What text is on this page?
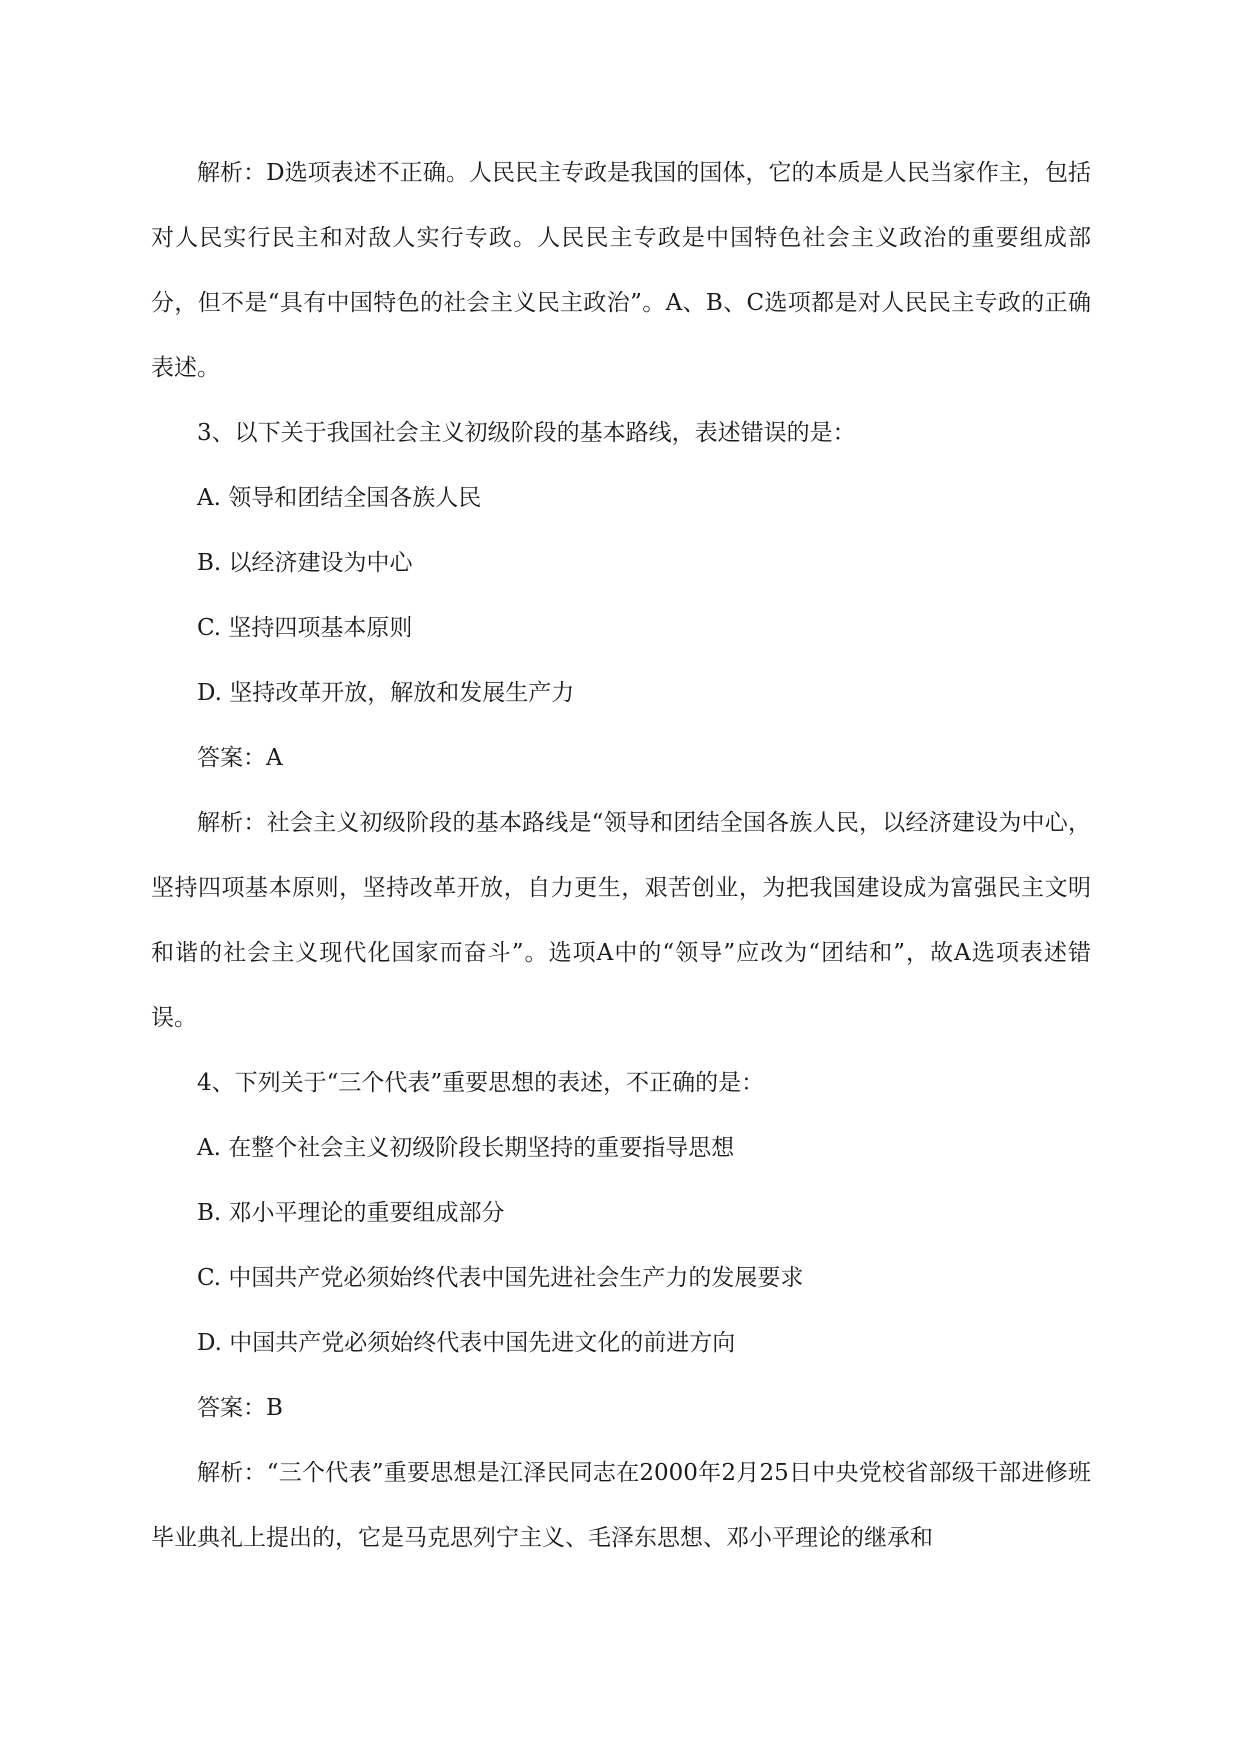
解析：D选项表述不正确。人民民主专政是我国的国体，它的本质是人民当家作主，包括对人民实行民主和对敌人实行专政。人民民主专政是中国特色社会主义政治的重要组成部分，但不是“具有中国特色的社会主义民主政治”。A、B、C选项都是对人民民主专政的正确表述。

3、以下关于我国社会主义初级阶段的基本路线，表述错误的是：

A. 领导和团结全国各族人民

B. 以经济建设为中心

C. 坚持四项基本原则

D. 坚持改革开放，解放和发展生产力

答案：A

解析：社会主义初级阶段的基本路线是“领导和团结全国各族人民，以经济建设为中心，坚持四项基本原则，坚持改革开放，自力更生，艰苦创业，为把我国建设成为富强民主文明和谐的社会主义现代化国家而奋斗”。选项A中的“领导”应改为“团结和”，故A选项表述错误。

4、下列关于“三个代表”重要思想的表述，不正确的是：

A. 在整个社会主义初级阶段长期坚持的重要指导思想

B. 邓小平理论的重要组成部分

C. 中国共产党必须始终代表中国先进社会生产力的发展要求

D. 中国共产党必须始终代表中国先进文化的前进方向

答案：B

解析：“三个代表”重要思想是江泽民同志在2000年2月25日中央党校省部级干部进修班毕业典礼上提出的，它是马克思列宁主义、毛泽东思想、邓小平理论的继承和
